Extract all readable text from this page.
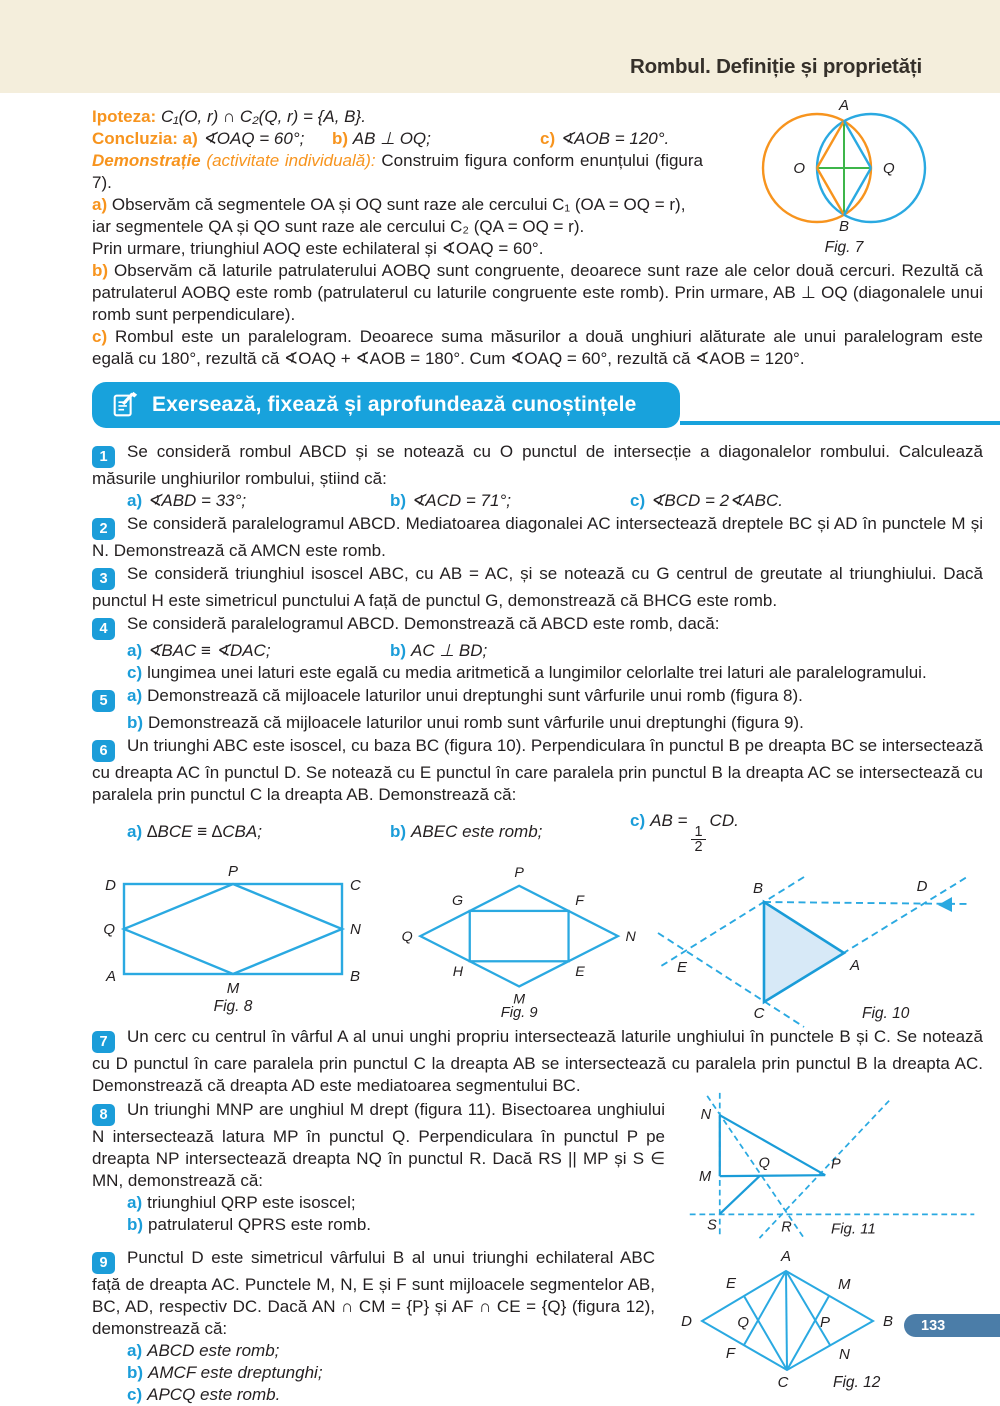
Rombul. Definiție și proprietăți
A
B
O	Q
Fig. 7
Ipoteza: C₁(O, r) ∩ C₂(Q, r) = {A, B}.
Concluzia: a) ∢OAQ = 60°;	b) AB ⊥ OQ;	c) ∢AOB = 120°.
Demonstrație (activitate individuală): Construim figura conform enunțului (figura 7).
a) Observăm că segmentele OA și OQ sunt raze ale cercului C₁ (OA = OQ = r),
iar segmentele QA și QO sunt raze ale cercului C₂ (QA = OQ = r).
Prin urmare, triunghiul AOQ este echilateral și ∢OAQ = 60°.
b) Observăm că laturile patrulaterului AOBQ sunt congruente, deoarece sunt raze ale celor două cercuri. Rezultă că patrulaterul AOBQ este romb (patrulaterul cu laturile congruente este romb). Prin urmare, AB ⊥ OQ (diagonalele unui romb sunt perpendiculare).
c) Rombul este un paralelogram. Deoarece suma măsurilor a două unghiuri alăturate ale unui paralelogram este egală cu 180°, rezultă că ∢OAQ + ∢AOB = 180°. Cum ∢OAQ = 60°, rezultă că ∢AOB = 120°.
Exersează, fixează și aprofundează cunoștințele
1 Se consideră rombul ABCD și se notează cu O punctul de intersecție a diagonalelor rombului. Calculează măsurile unghiurilor rombului, știind că:
a) ∢ABD = 33°;	b) ∢ACD = 71°;	c) ∢BCD = 2∢ABC.
2 Se consideră paralelogramul ABCD. Mediatoarea diagonalei AC intersectează dreptele BC și AD în punctele M și N. Demonstrează că AMCN este romb.
3 Se consideră triunghiul isoscel ABC, cu AB = AC, și se notează cu G centrul de greutate al triunghiului. Dacă punctul H este simetricul punctului A față de punctul G, demonstrează că BHCG este romb.
4 Se consideră paralelogramul ABCD. Demonstrează că ABCD este romb, dacă:
a) ∢BAC ≡ ∢DAC;	b) AC ⊥ BD;
c) lungimea unei laturi este egală cu media aritmetică a lungimilor celorlalte trei laturi ale paralelogramului.
5 a) Demonstrează că mijloacele laturilor unui dreptunghi sunt vârfurile unui romb (figura 8).
b) Demonstrează că mijloacele laturilor unui romb sunt vârfurile unui dreptunghi (figura 9).
6 Un triunghi ABC este isoscel, cu baza BC (figura 10). Perpendiculara în punctul B pe dreapta BC se intersectează cu dreapta AC în punctul D. Se notează cu E punctul în care paralela prin punctul B la dreapta AC se intersectează cu paralela prin punctul C la dreapta AB. Demonstrează că:
a) ∆BCE ≡ ∆CBA;	b) ABEC este romb;
c) AB =
$\frac{1}{2}$
CD.
D
P
C
Q	N
A
M
B
Fig. 8
Q
P
N
M
G	F
H	E
Fig. 9
B	D
E	A
C	Fig. 10
7 Un cerc cu centrul în vârful A al unui unghi propriu intersectează laturile unghiului în punctele B și C. Se notează cu D punctul în care paralela prin punctul C la dreapta AB se intersectează cu paralela prin punctul B la dreapta AC. Demonstrează că dreapta AD este mediatoarea segmentului BC.
8 Un triunghi MNP are unghiul M drept (figura 11). Bisectoarea unghiului N intersectează latura MP în punctul Q. Perpendiculara în punctul P pe dreapta NP intersectează dreapta NQ în punctul R. Dacă RS || MP și S ∈ MN, demonstrează că:
a) triunghiul QRP este isoscel;
b) patrulaterul QPRS este romb.
N
M
P
Q
S	R	Fig. 11
9 Punctul D este simetricul vârfului B al unui triunghi echilateral ABC față de dreapta AC. Punctele M, N, E și F sunt mijloacele segmentelor AB, BC, AD, respectiv DC. Dacă AN ∩ CM = {P} și AF ∩ CE = {Q} (figura 12), demonstrează că:
a) ABCD este romb;
b) AMCF este dreptunghi;
c) APCQ este romb.
A
B
C
D
E	M
F	N
Q	P
Fig. 12
133
